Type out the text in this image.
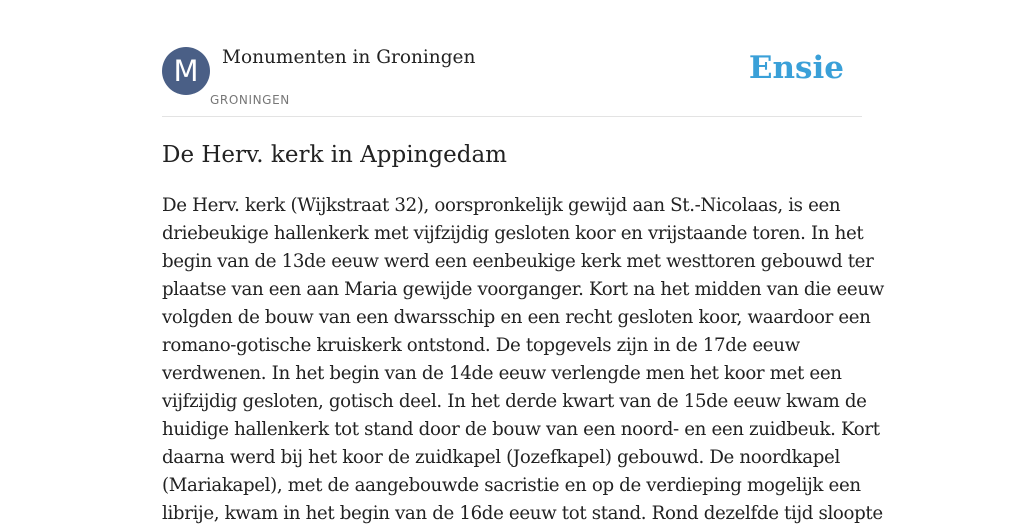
M	Monumenten in Groningen
GRONINGEN
Ensie
De Herv. kerk in Appingedam
De Herv. kerk (Wijkstraat 32), oorspronkelijk gewijd aan St.-Nicolaas, is een
driebeukige hallenkerk met vijfzijdig gesloten koor en vrijstaande toren. In het
begin van de 13de eeuw werd een eenbeukige kerk met westtoren gebouwd ter
plaatse van een aan Maria gewijde voorganger. Kort na het midden van die eeuw
volgden de bouw van een dwarsschip en een recht gesloten koor, waardoor een
romano-gotische kruiskerk ontstond. De topgevels zijn in de 17de eeuw
verdwenen. In het begin van de 14de eeuw verlengde men het koor met een
vijfzijdig gesloten, gotisch deel. In het derde kwart van de 15de eeuw kwam de
huidige hallenkerk tot stand door de bouw van een noord- en een zuidbeuk. Kort
daarna werd bij het koor de zuidkapel (Jozefkapel) gebouwd. De noordkapel
(Mariakapel), met de aangebouwde sacristie en op de verdieping mogelijk een
librije, kwam in het begin van de 16de eeuw tot stand. Rond dezelfde tijd sloopte
